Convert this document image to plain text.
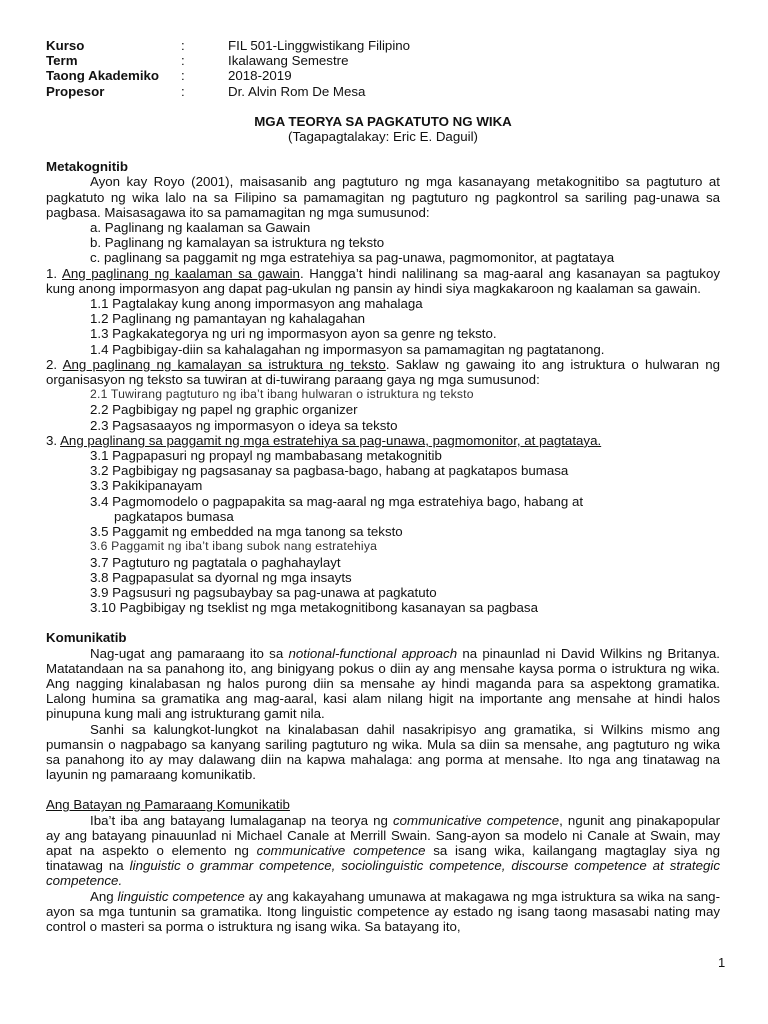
Kurso	:	FIL 501-Linggwistikang Filipino
Term	:	Ikalawang Semestre
Taong Akademiko	:	2018-2019
Propesor	:	Dr. Alvin Rom De Mesa
MGA TEORYA SA PAGKATUTO NG WIKA
(Tagapagtalakay: Eric E. Daguil)
Metakognitib
Ayon kay Royo (2001), maisasanib ang pagtuturo ng mga kasanayang metakognitibo sa pagtuturo at pagkatuto ng wika lalo na sa Filipino sa pamamagitan ng pagtuturo ng pagkontrol sa sariling pag-unawa sa pagbasa. Maisasagawa ito sa pamamagitan ng mga sumusunod:
a. Paglinang ng kaalaman sa Gawain
b. Paglinang ng kamalayan sa istruktura ng teksto
c. paglinang sa paggamit ng mga estratehiya sa pag-unawa, pagmomonitor, at pagtataya
1. Ang paglinang ng kaalaman sa gawain. Hangga’t hindi nalilinang sa mag-aaral ang kasanayan sa pagtukoy kung anong impormasyon ang dapat pag-ukulan ng pansin ay hindi siya magkakaroon ng kaalaman sa gawain.
1.1 Pagtalakay kung anong impormasyon ang mahalaga
1.2 Paglinang ng pamantayan ng kahalagahan
1.3 Pagkakategorya ng uri ng impormasyon ayon sa genre ng teksto.
1.4 Pagbibigay-diin sa kahalagahan ng impormasyon sa pamamagitan ng pagtatanong.
2. Ang paglinang ng kamalayan sa istruktura ng teksto. Saklaw ng gawaing ito ang istruktura o hulwaran ng organisasyon ng teksto sa tuwiran at di-tuwirang paraang gaya ng mga sumusunod:
2.1 Tuwirang pagtuturo ng iba’t ibang hulwaran o istruktura ng teksto
2.2 Pagbibigay ng papel ng graphic organizer
2.3 Pagsasaayos ng impormasyon o ideya sa teksto
3. Ang paglinang sa paggamit ng mga estratehiya sa pag-unawa, pagmomonitor, at pagtataya.
3.1 Pagpapasuri ng propayl ng mambabasang metakognitib
3.2 Pagbibigay ng pagsasanay sa pagbasa-bago, habang at pagkatapos bumasa
3.3 Pakikipanayam
3.4 Pagmomodelo o pagpapakita sa mag-aaral ng mga estratehiya bago, habang at
pagkatapos bumasa
3.5 Paggamit ng embedded na mga tanong sa teksto
3.6 Paggamit ng iba’t ibang subok nang estratehiya
3.7 Pagtuturo ng pagtatala o paghahaylayt
3.8 Pagpapasulat sa dyornal ng mga insayts
3.9 Pagsusuri ng pagsubaybay sa pag-unawa at pagkatuto
3.10 Pagbibigay ng tseklist ng mga metakognitibong kasanayan sa pagbasa
Komunikatib
Nag-ugat ang pamaraang ito sa notional-functional approach na pinaunlad ni David Wilkins ng Britanya. Matatandaan na sa panahong ito, ang binigyang pokus o diin ay ang mensahe kaysa porma o istruktura ng wika. Ang nagging kinalabasan ng halos purong diin sa mensahe ay hindi maganda para sa aspektong gramatika. Lalong humina sa gramatika ang mag-aaral, kasi alam nilang higit na importante ang mensahe at hindi halos pinupuna kung mali ang istrukturang gamit nila.
Sanhi sa kalungkot-lungkot na kinalabasan dahil nasakripisyo ang gramatika, si Wilkins mismo ang pumansin o nagpabago sa kanyang sariling pagtuturo ng wika. Mula sa diin sa mensahe, ang pagtuturo ng wika sa panahong ito ay may dalawang diin na kapwa mahalaga: ang porma at mensahe. Ito nga ang tinatawag na layunin ng pamaraang komunikatib.
Ang Batayan ng Pamaraang Komunikatib
Iba’t iba ang batayang lumalaganap na teorya ng communicative competence, ngunit ang pinakapopular ay ang batayang pinauunlad ni Michael Canale at Merrill Swain. Sang-ayon sa modelo ni Canale at Swain, may apat na aspekto o elemento ng communicative competence sa isang wika, kailangang magtaglay siya ng tinatawag na linguistic o grammar competence, sociolinguistic competence, discourse competence at strategic competence.
Ang linguistic competence ay ang kakayahang umunawa at makagawa ng mga istruktura sa wika na sang-ayon sa mga tuntunin sa gramatika. Itong linguistic competence ay estado ng isang taong masasabi nating may control o masteri sa porma o istruktura ng isang wika. Sa batayang ito,
1
